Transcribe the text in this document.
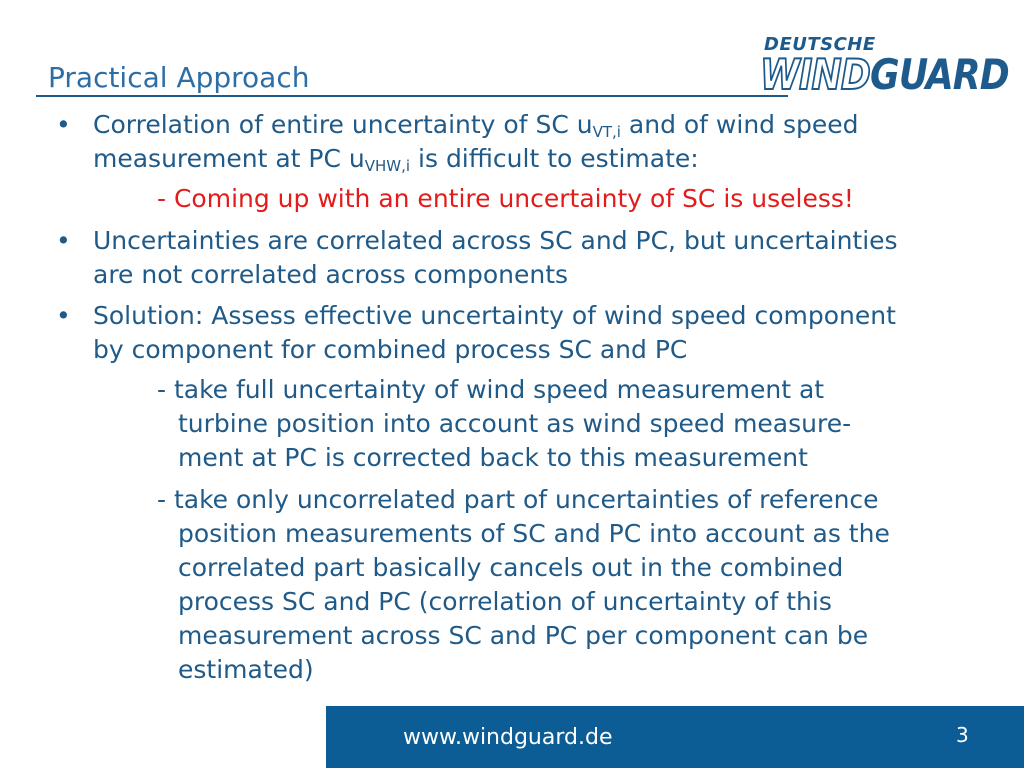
Practical Approach
DEUTSCHE
WINDGUARD
• Correlation of entire uncertainty of SC $u_{VT,i}$ and of wind speed

measurement at PC $u_{VHW,i}$ is difficult to estimate:

- Coming up with an entire uncertainty of SC is useless!

• Uncertainties are correlated across SC and PC, but uncertainties

are not correlated across components

• Solution: Assess effective uncertainty of wind speed component

by component for combined process SC and PC

- take full uncertainty of wind speed measurement at

turbine position into account as wind speed measure-

ment at PC is corrected back to this measurement

- take only uncorrelated part of uncertainties of reference

position measurements of SC and PC into account as the

correlated part basically cancels out in the combined

process SC and PC (correlation of uncertainty of this

measurement across SC and PC per component can be

estimated)

www.windguard.de	3
